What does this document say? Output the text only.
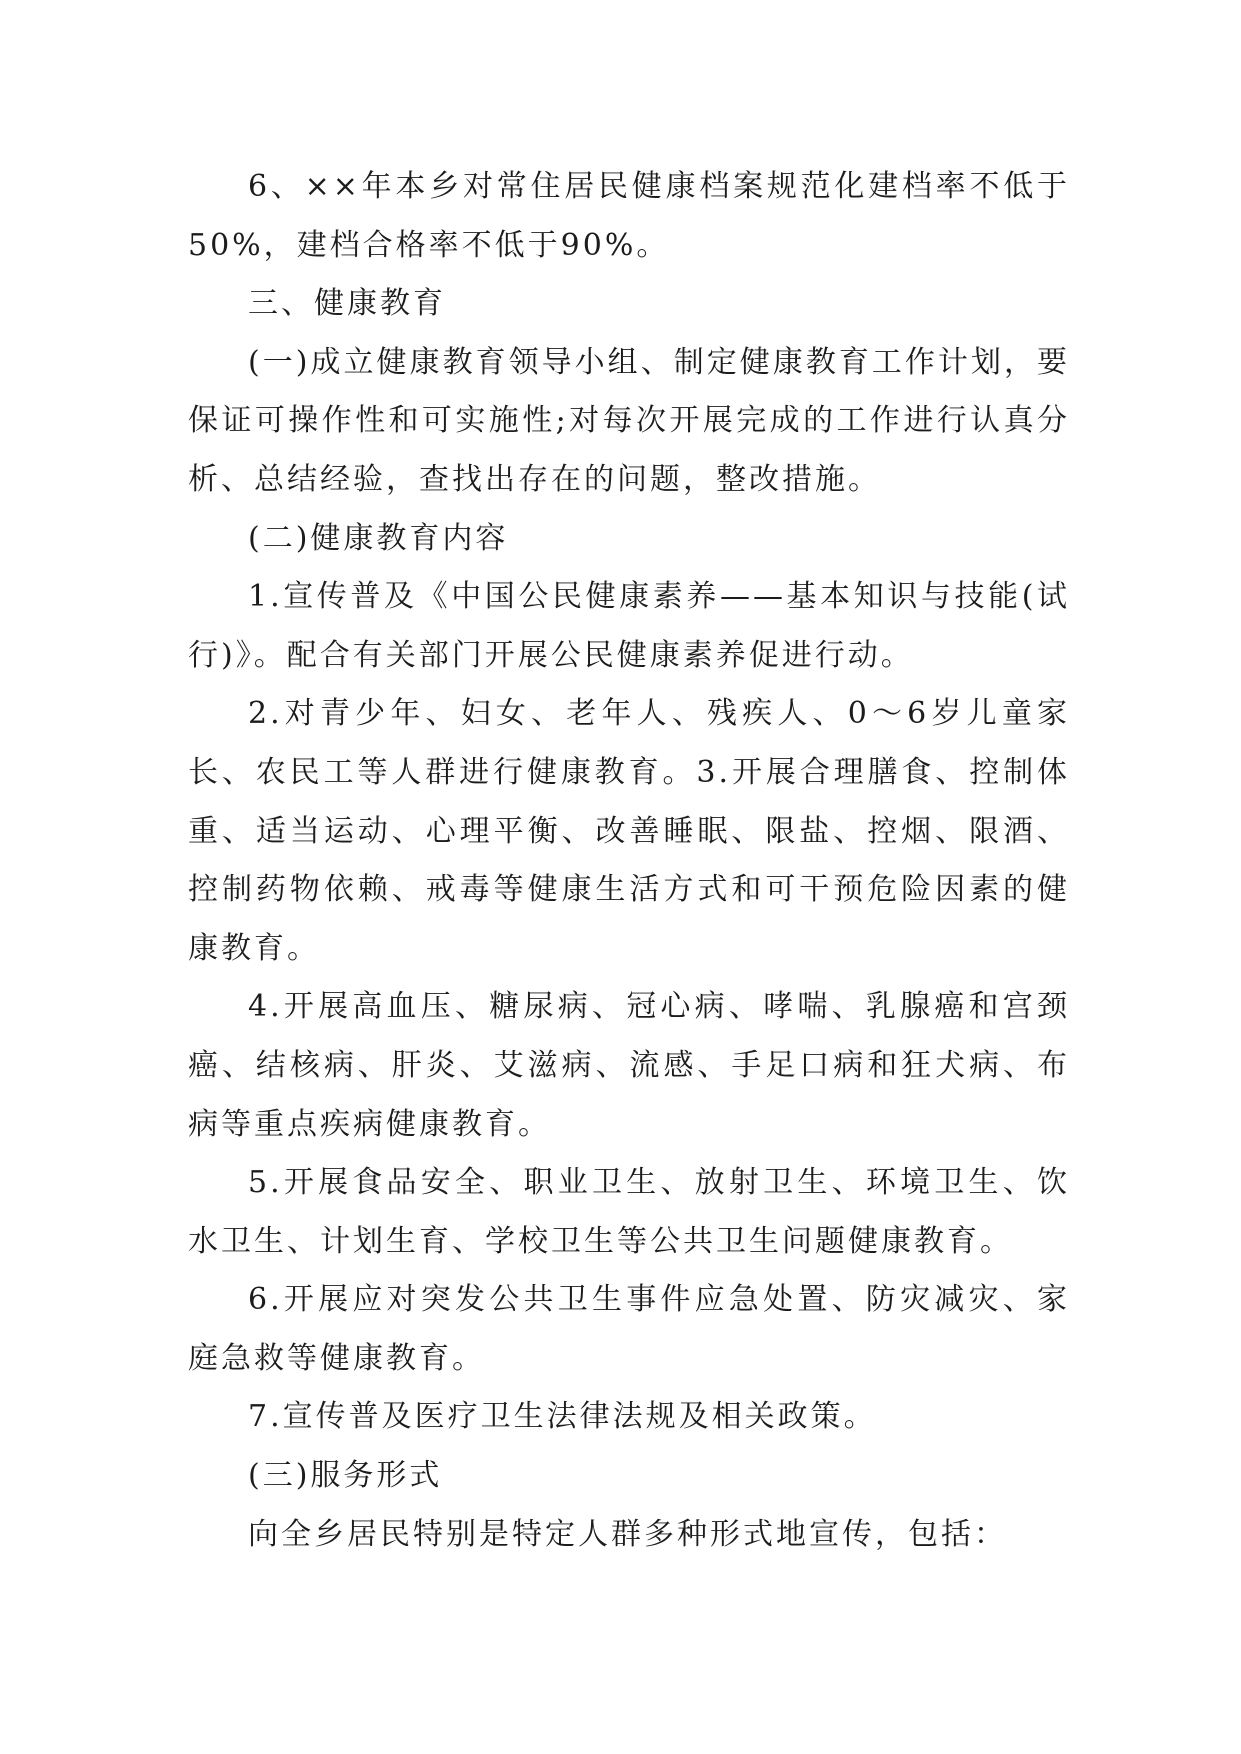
6、××年本乡对常住居民健康档案规范化建档率不低于50%，建档合格率不低于90%。

三、健康教育

(一)成立健康教育领导小组、制定健康教育工作计划，要保证可操作性和可实施性;对每次开展完成的工作进行认真分析、总结经验，查找出存在的问题，整改措施。

(二)健康教育内容

1.宣传普及《中国公民健康素养——基本知识与技能(试行)》。配合有关部门开展公民健康素养促进行动。

2.对青少年、妇女、老年人、残疾人、0～6岁儿童家长、农民工等人群进行健康教育。3.开展合理膳食、控制体重、适当运动、心理平衡、改善睡眠、限盐、控烟、限酒、控制药物依赖、戒毒等健康生活方式和可干预危险因素的健康教育。

4.开展高血压、糖尿病、冠心病、哮喘、乳腺癌和宫颈癌、结核病、肝炎、艾滋病、流感、手足口病和狂犬病、布病等重点疾病健康教育。

5.开展食品安全、职业卫生、放射卫生、环境卫生、饮水卫生、计划生育、学校卫生等公共卫生问题健康教育。

6.开展应对突发公共卫生事件应急处置、防灾减灾、家庭急救等健康教育。

7.宣传普及医疗卫生法律法规及相关政策。

(三)服务形式

向全乡居民特别是特定人群多种形式地宣传，包括：
